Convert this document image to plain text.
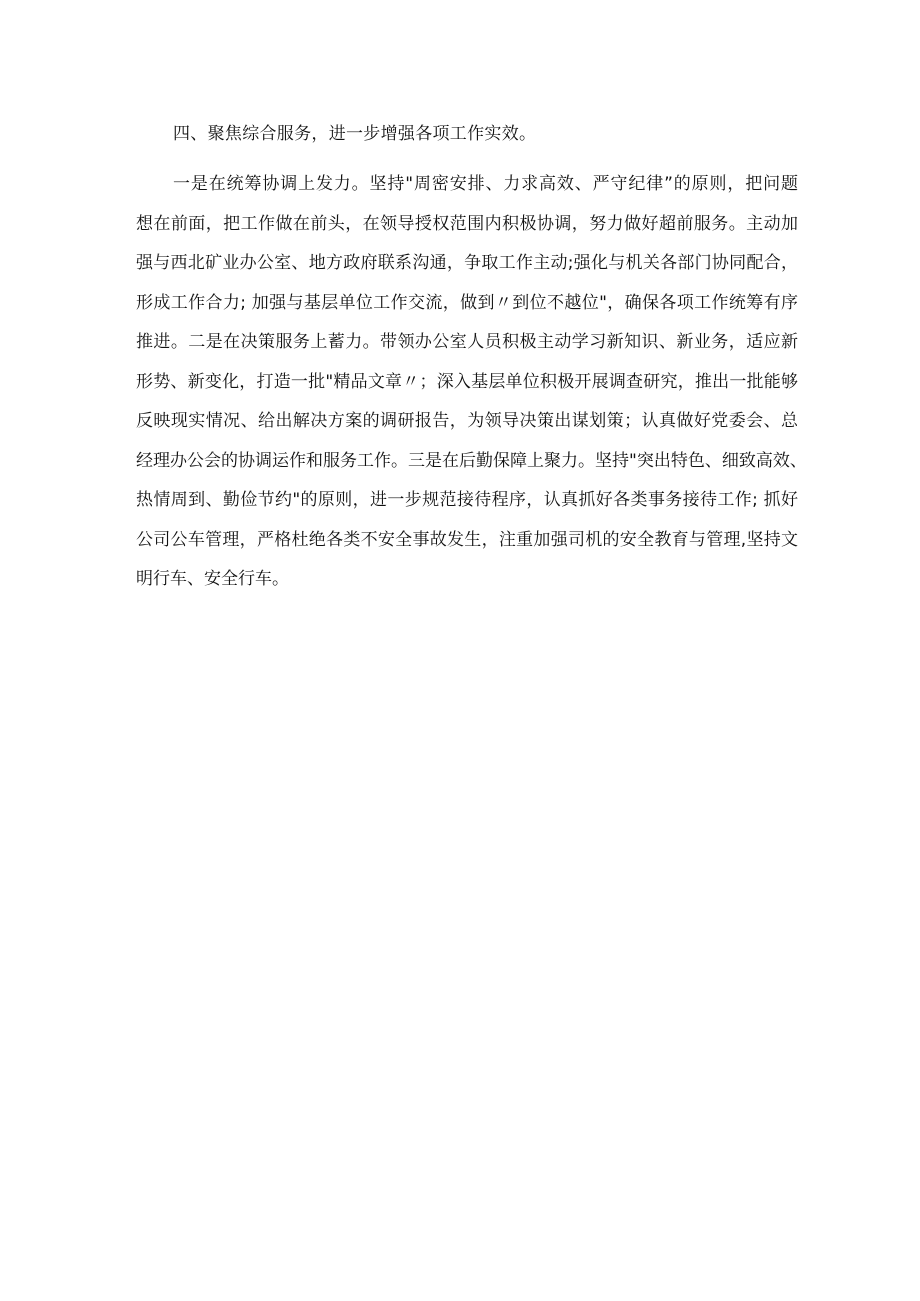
四、聚焦综合服务，进一步增强各项工作实效。

一是在统筹协调上发力。坚持"周密安排、力求高效、严守纪律”的原则，把问题
想在前面，把工作做在前头，在领导授权范围内积极协调，努力做好超前服务。主动加
强与西北矿业办公室、地方政府联系沟通，争取工作主动;强化与机关各部门协同配合，
形成工作合力; 加强与基层单位工作交流，做到〃到位不越位"，确保各项工作统筹有序
推进。二是在决策服务上蓄力。带领办公室人员积极主动学习新知识、新业务，适应新
形势、新变化，打造一批"精品文章〃；深入基层单位积极开展调查研究，推出一批能够
反映现实情况、给出解决方案的调研报告，为领导决策出谋划策；认真做好党委会、总
经理办公会的协调运作和服务工作。三是在后勤保障上聚力。坚持"突出特色、细致高效、
热情周到、勤俭节约"的原则，进一步规范接待程序，认真抓好各类事务接待工作; 抓好
公司公车管理，严格杜绝各类不安全事故发生，注重加强司机的安全教育与管理,坚持文
明行车、安全行车。
